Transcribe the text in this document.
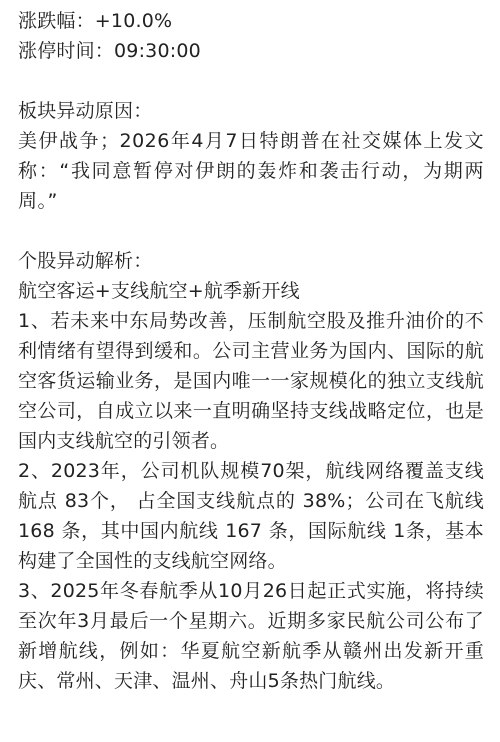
涨跌幅：+10.0%
涨停时间：09:30:00
板块异动原因：
美伊战争；2026年4月7日特朗普在社交媒体上发文称：“我同意暂停对伊朗的轰炸和袭击行动，为期两周。”
个股异动解析：
航空客运+支线航空+航季新开线
1、若未来中东局势改善，压制航空股及推升油价的不利情绪有望得到缓和。公司主营业务为国内、国际的航空客货运输业务，是国内唯一一家规模化的独立支线航空公司，自成立以来一直明确坚持支线战略定位，也是国内支线航空的引领者。
2、2023年，公司机队规模70架，航线网络覆盖支线航点 83个， 占全国支线航点的 38%；公司在飞航线 168 条，其中国内航线 167 条，国际航线 1条，基本构建了全国性的支线航空网络。
3、2025年冬春航季从10月26日起正式实施，将持续至次年3月最后一个星期六。近期多家民航公司公布了新增航线，例如：华夏航空新航季从赣州出发新开重庆、常州、天津、温州、舟山5条热门航线。
